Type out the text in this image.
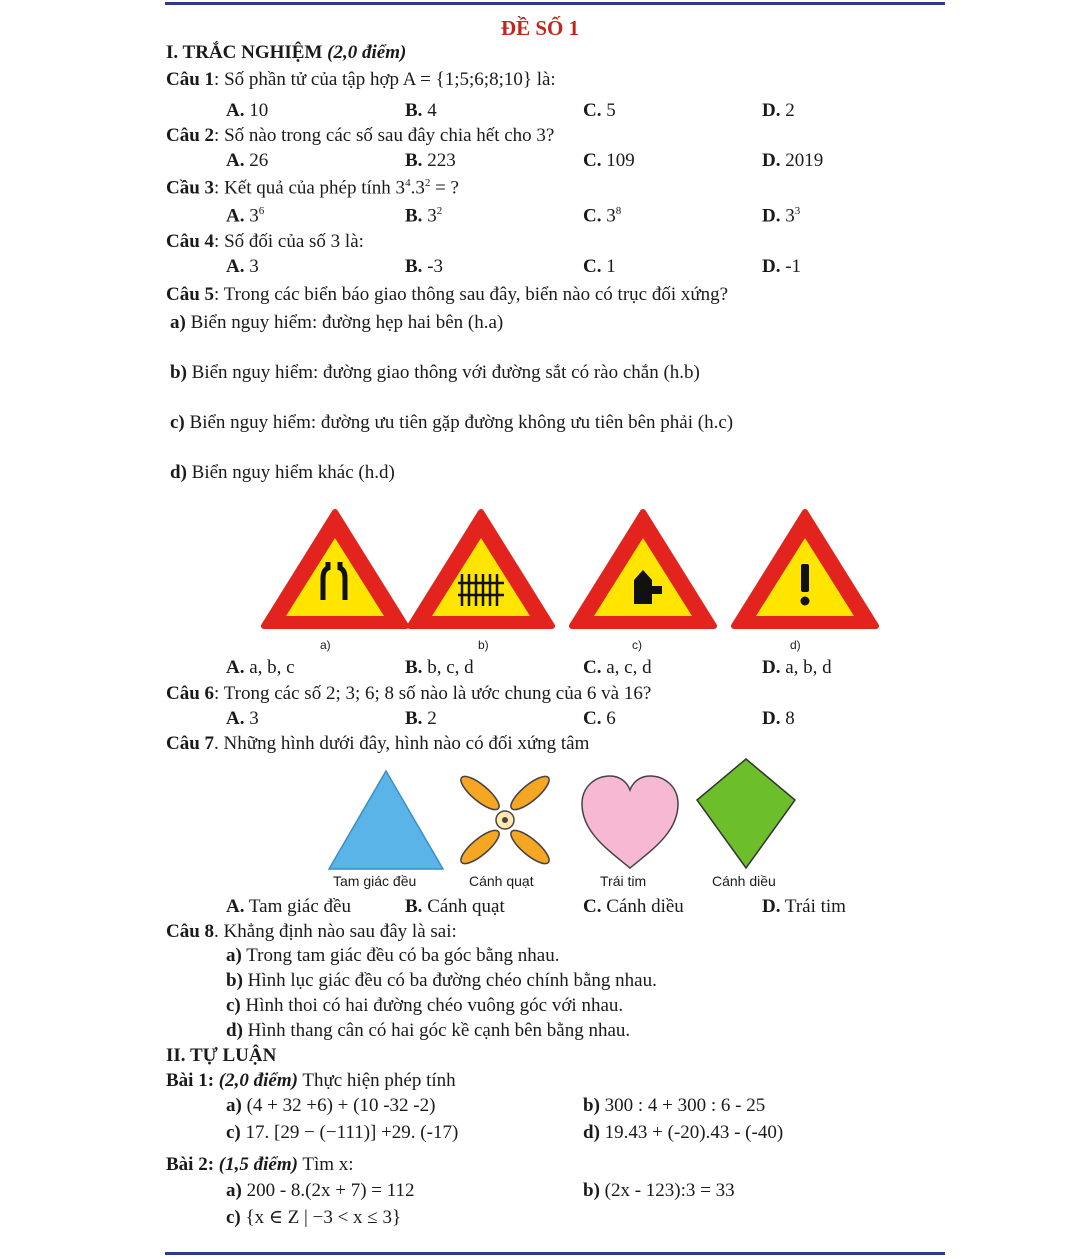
ĐỀ SỐ 1
I. TRẮC NGHIỆM (2,0 điểm)
Câu 1: Số phần tử của tập hợp A = {1;5;6;8;10} là:
A. 10	B. 4	C. 5	D. 2
Câu 2: Số nào trong các số sau đây chia hết cho 3?
A. 26	B. 223	C. 109	D. 2019
Cầu 3: Kết quả của phép tính $3^4.3^2$ = ?
A. $3^6$	B. $3^2$	C. $3^8$	D. $3^3$
Câu 4: Số đối của số 3 là:
A. 3	B. -3	C. 1	D. -1
Câu 5: Trong các biển báo giao thông sau đây, biển nào có trục đối xứng?
a) Biển nguy hiểm: đường hẹp hai bên (h.a)
b) Biển nguy hiểm: đường giao thông với đường sắt có rào chắn (h.b)
c) Biển nguy hiểm: đường ưu tiên gặp đường không ưu tiên bên phải (h.c)
d) Biển nguy hiểm khác (h.d)
a)	b)	c)	d)
A. a, b, c	B. b, c, d	C. a, c, d	D. a, b, d
Câu 6: Trong các số 2; 3; 6; 8 số nào là ước chung của 6 và 16?
A. 3	B. 2	C. 6	D. 8
Câu 7. Những hình dưới đây, hình nào có đối xứng tâm
Tam giác đều	Cánh quạt	Trái tim	Cánh diều
A. Tam giác đều	B. Cánh quạt	C. Cánh diều	D. Trái tim
Câu 8. Khẳng định nào sau đây là sai:
a) Trong tam giác đều có ba góc bằng nhau.
b) Hình lục giác đều có ba đường chéo chính bằng nhau.
c) Hình thoi có hai đường chéo vuông góc với nhau.
d) Hình thang cân có hai góc kề cạnh bên bằng nhau.
II. TỰ LUẬN
Bài 1: (2,0 điểm) Thực hiện phép tính
a) (4 + 32 +6) + (10 -32 -2)	b) 300 : 4 + 300 : 6 - 25
c) 17. [29 − (−111)] +29. (-17)	d) 19.43 + (-20).43 - (-40)
Bài 2: (1,5 điểm) Tìm x:
a) 200 - 8.(2x + 7) = 112	b) (2x - 123):3 = 33
c) {x ∈ Z | −3 < x ≤ 3}
